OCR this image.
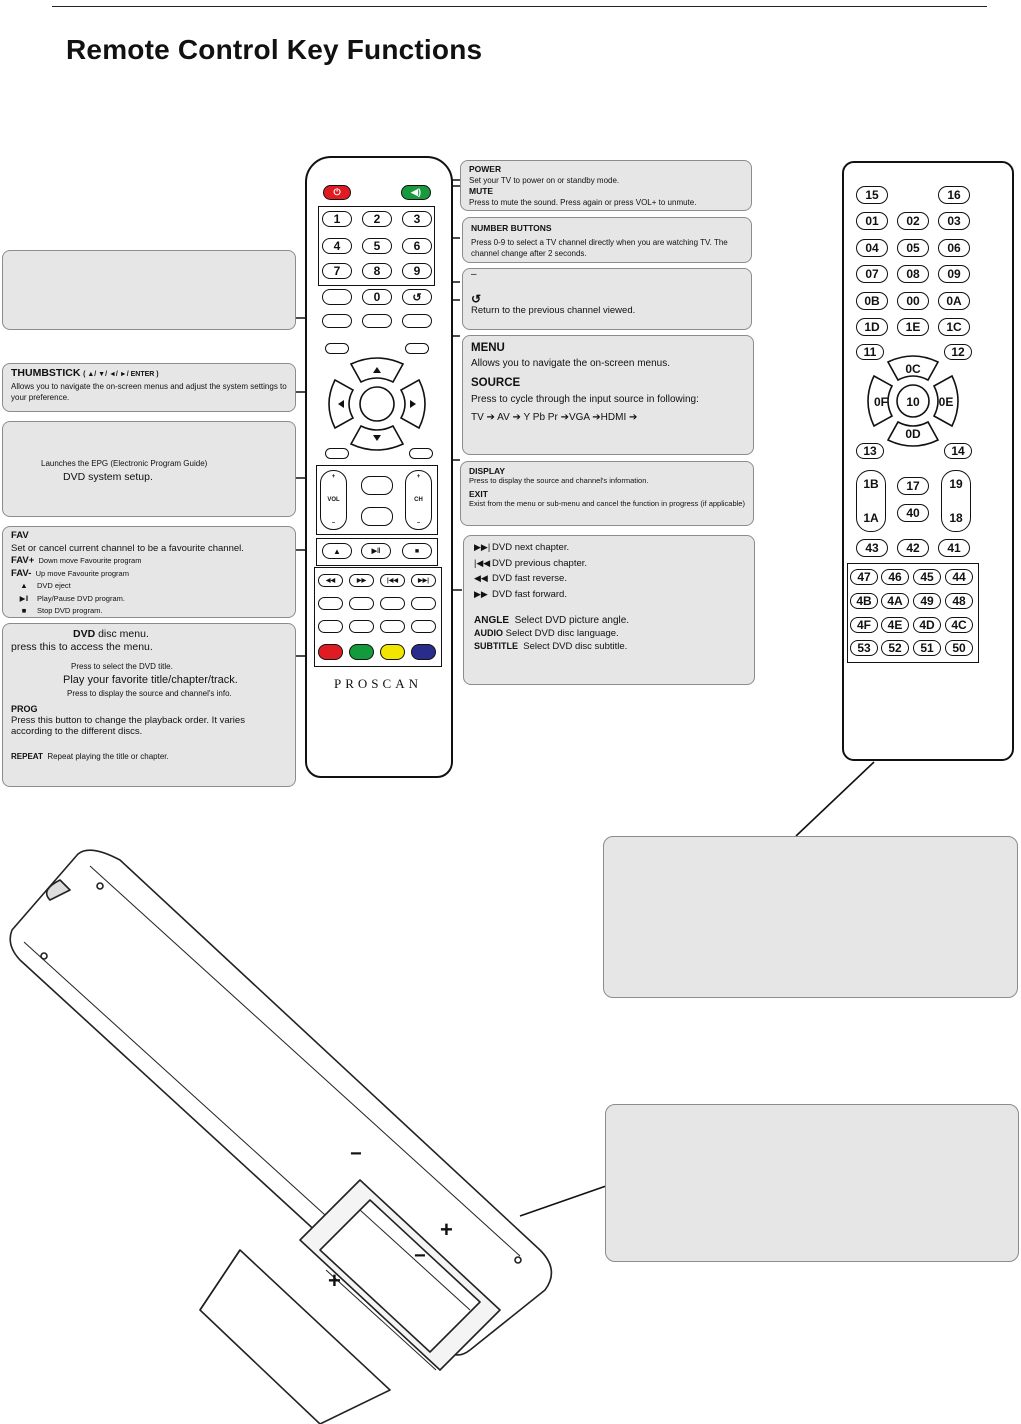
Remote Control Key Functions
THUMBSTICK ( ▲/ ▼/ ◄/ ►/ ENTER )
Allows you to navigate the on-screen menus and adjust the system settings to your preference.
Launches the EPG (Electronic Program Guide)
DVD system setup.
FAV
Set or cancel current channel to be a favourite channel.
FAV+ Down move Favourite program
FAV- Up move Favourite program
▲ DVD eject
▶‖ Play/Pause DVD program.
■ Stop DVD program.
DVD disc menu.
press this to access the menu.
Press to select the DVD title.
Play your favorite title/chapter/track.
Press to display the source and channel's info.
PROG
Press this button to change the playback order. It varies according to the different discs.
REPEAT Repeat playing the title or chapter.
POWER
Set your TV to power on or standby mode.
MUTE
Press to mute the sound. Press again or press VOL+ to unmute.
NUMBER BUTTONS
Press 0-9 to select a TV channel directly when you are watching TV. The channel change after 2 seconds.
–
↺
Return to the previous channel viewed.
MENU
Allows you to navigate the on-screen menus.
SOURCE
Press to cycle through the input source in following:
TV ➔ AV ➔ Y Pb Pr ➔VGA ➔HDMI ➔
DISPLAY
Press to display the source and channel's information.
EXIT
Exist from the menu or sub-menu and cancel the function in progress (if applicable)
▶▶| DVD next chapter.
|◀◀ DVD previous chapter.
◀◀ DVD fast reverse.
▶▶ DVD fast forward.
ANGLE Select DVD picture angle.
AUDIO Select DVD disc language.
SUBTITLE Select DVD disc subtitle.
⏻	◀)
1	2	3
4	5	6
7	8	9
0	↺
+
VOL
–
+
CH
–
▲	▶‖	■
◀◀	▶▶	|◀◀	▶▶|
PROSCAN
15	16
01 02 03
04 05 06
07 08 09
0B 00 0A
1D 1E 1C
11	12
0C
0F	10	0E
0D
13	14
1B
1A
17
40
19
18
43 42 41
47 46 45 44
4B 4A 49 48
4F 4E 4D 4C
53 52 51 50
+
−
+
−
